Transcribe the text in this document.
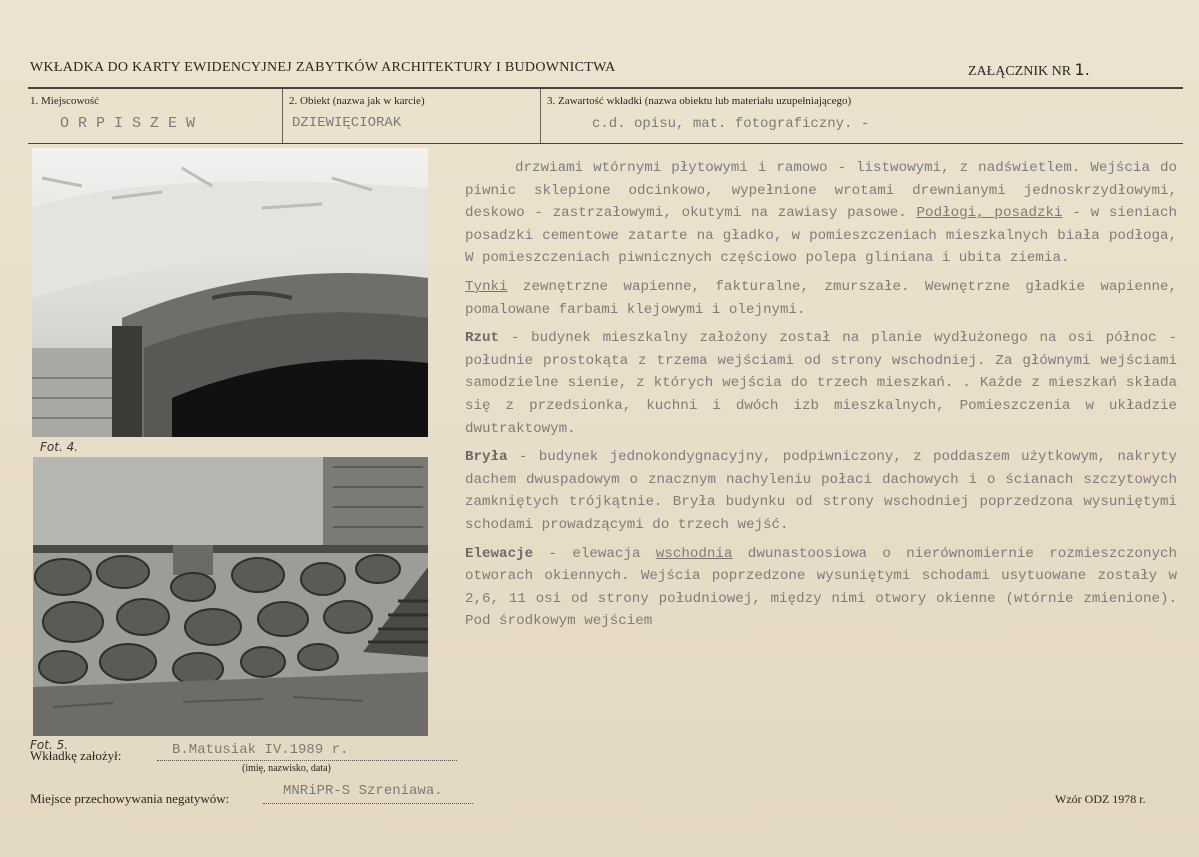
WKŁADKA DO KARTY EWIDENCYJNEJ ZABYTKÓW ARCHITEKTURY I BUDOWNICTWA	ZAŁĄCZNIK NR 1.
1. Miejscowość	2. Obiekt (nazwa jak w karcie)	3. Zawartość wkładki (nazwa obiektu lub materiału uzupełniającego)
ORPISZEW	DZIEWIĘCIORAK	c.d. opisu, mat. fotograficzny. -
Fot. 4.
Fot. 5.
drzwiami wtórnymi płytowymi i ramowo - listwowymi, z nadświetlem. Wejścia do piwnic sklepione odcinkowo, wypełnione wrotami drewnianymi jednoskrzydłowymi, deskowo - zastrzałowymi, okutymi na zawiasy pasowe. Podłogi, posadzki - w sieniach posadzki cementowe zatarte na gładko, w pomieszczeniach mieszkalnych biała podłoga, W pomieszczeniach piwnicznych częściowo polepa gliniana i ubita ziemia.
Tynki zewnętrzne wapienne, fakturalne, zmurszałe. Wewnętrzne gładkie wapienne, pomalowane farbami klejowymi i olejnymi.
Rzut - budynek mieszkalny założony został na planie wydłużonego na osi północ - południe prostokąta z trzema wejściami od strony wschodniej. Za głównymi wejściami samodzielne sienie, z których wejścia do trzech mieszkań. . Każde z mieszkań składa się z przedsionka, kuchni i dwóch izb mieszkalnych, Pomieszczenia w układzie dwutraktowym.
Bryła - budynek jednokondygnacyjny, podpiwniczony, z poddaszem użytkowym, nakryty dachem dwuspadowym o znacznym nachyleniu połaci dachowych i o ścianach szczytowych zamkniętych trójkątnie. Bryła budynku od strony wschodniej poprzedzona wysuniętymi schodami prowadzącymi do trzech wejść.
Elewacje - elewacja wschodnia dwunastoosiowa o nierównomiernie rozmieszczonych otworach okiennych. Wejścia poprzedzone wysuniętymi schodami usytuowane zostały w 2,6, 11 osi od strony południowej, między nimi otwory okienne (wtórnie zmienione). Pod środkowym wejściem
Wkładkę założył:	B.Matusiak IV.1989 r.
(imię, nazwisko, data)
Miejsce przechowywania negatywów:	MNRiPR-S Szreniawa.	Wzór ODZ 1978 r.
